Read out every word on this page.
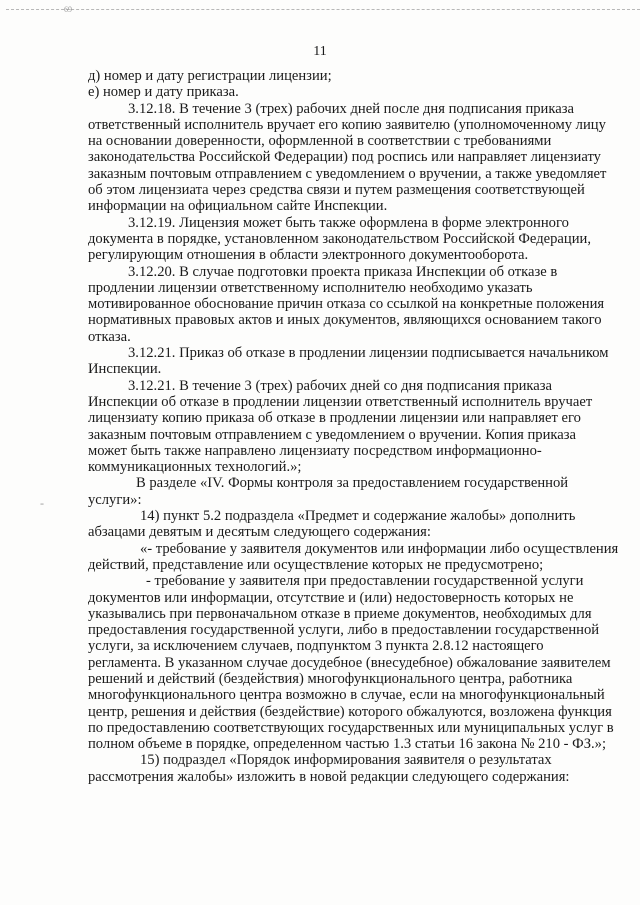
69
11
-

д) номер и дату регистрации лицензии;

е) номер и дату приказа.

3.12.18. В течение 3 (трех) рабочих дней после дня подписания приказа

ответственный исполнитель вручает его копию заявителю (уполномоченному лицу

на основании доверенности, оформленной в соответствии с требованиями

законодательства Российской Федерации) под роспись или направляет лицензиату

заказным почтовым отправлением с уведомлением о вручении, а также уведомляет

об этом лицензиата через средства связи и путем размещения соответствующей

информации на официальном сайте Инспекции.

3.12.19. Лицензия может быть также оформлена в форме электронного

документа в порядке, установленном законодательством Российской Федерации,

регулирующим отношения в области электронного документооборота.

3.12.20. В случае подготовки проекта приказа Инспекции об отказе в

продлении лицензии ответственному исполнителю необходимо указать

мотивированное обоснование причин отказа со ссылкой на конкретные положения

нормативных правовых актов и иных документов, являющихся основанием такого

отказа.

3.12.21. Приказ об отказе в продлении лицензии подписывается начальником

Инспекции.

3.12.21. В течение 3 (трех) рабочих дней со дня подписания приказа

Инспекции об отказе в продлении лицензии ответственный исполнитель вручает

лицензиату копию приказа об отказе в продлении лицензии или направляет его

заказным почтовым отправлением с уведомлением о вручении. Копия приказа

может быть также направлено лицензиату посредством информационно-

коммуникационных технологий.»;

В разделе «IV. Формы контроля за предоставлением государственной

услуги»:

14) пункт 5.2 подраздела «Предмет и содержание жалобы» дополнить

абзацами девятым и десятым следующего содержания:

«- требование у заявителя документов или информации либо осуществления

действий, представление или осуществление которых не предусмотрено;

- требование у заявителя при предоставлении государственной услуги

документов или информации, отсутствие и (или) недостоверность которых не

указывались при первоначальном отказе в приеме документов, необходимых для

предоставления государственной услуги, либо в предоставлении государственной

услуги, за исключением случаев, подпунктом 3 пункта 2.8.12 настоящего

регламента. В указанном случае досудебное (внесудебное) обжалование заявителем

решений и действий (бездействия) многофункционального центра, работника

многофункционального центра возможно в случае, если на многофункциональный

центр, решения и действия (бездействие) которого обжалуются, возложена функция

по предоставлению соответствующих государственных или муниципальных услуг в

полном объеме в порядке, определенном частью 1.3 статьи 16 закона № 210 - ФЗ.»;

15) подраздел «Порядок информирования заявителя о результатах

рассмотрения жалобы» изложить в новой редакции следующего содержания:
